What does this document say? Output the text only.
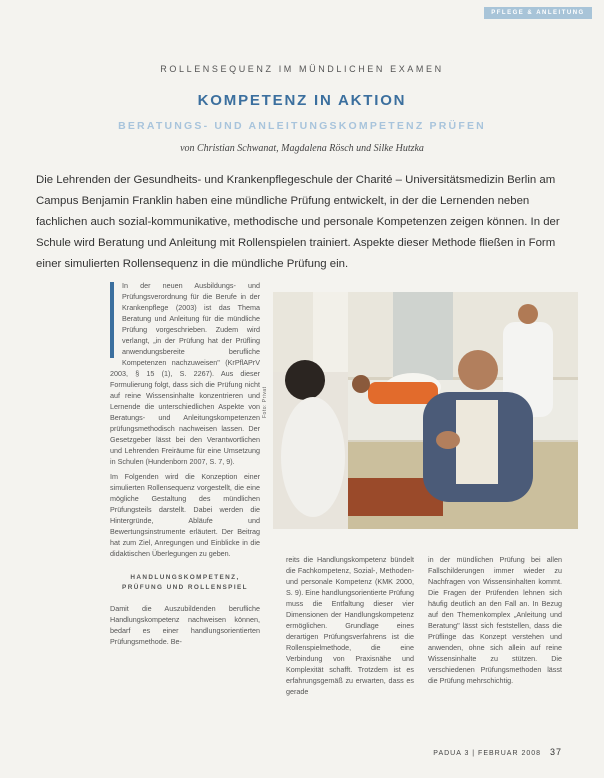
PFLEGE & ANLEITUNG
ROLLENSEQUENZ IM MÜNDLICHEN EXAMEN
KOMPETENZ IN AKTION
BERATUNGS- UND ANLEITUNGSKOMPETENZ PRÜFEN
von Christian Schwanat, Magdalena Rösch und Silke Hutzka

Die Lehrenden der Gesundheits- und Krankenpflegeschule der Charité – Universitätsmedizin Berlin am Campus Benjamin Franklin haben eine mündliche Prüfung entwickelt, in der die Lernenden neben fachlichen auch sozial-kommunikative, methodische und personale Kompetenzen zeigen können. In der Schule wird Beratung und Anleitung mit Rollenspielen trainiert. Aspekte dieser Methode fließen in Form einer simulierten Rollensequenz in die mündliche Prüfung ein.

In der neuen Ausbildungs- und Prüfungsverordnung für die Berufe in der Krankenpflege (2003) ist das Thema Beratung und Anleitung für die mündliche Prüfung vorgeschrieben. Zudem wird verlangt, „in der Prüfung hat der Prüfling anwendungsbereite berufliche Kompetenzen nachzuweisen" (KrPflAPrV 2003, § 15 (1), S. 2267). Aus dieser Formulierung folgt, dass sich die Prüfung nicht auf reine Wissensinhalte konzentrieren und Lernende die unterschiedlichen Aspekte von Beratungs- und Anleitungskompetenzen prüfungsmethodisch nachweisen lassen. Der Gesetzgeber lässt bei den Verantwortlichen und Lehrenden Freiräume für eine Umsetzung in Schulen (Hundenborn 2007, S. 7, 9).

Im Folgenden wird die Konzeption einer simulierten Rollensequenz vorgestellt, die eine mögliche Gestaltung des mündlichen Prüfungsteils darstellt. Dabei werden die Hintergründe, Abläufe und Bewertungsinstrumente erläutert. Der Beitrag hat zum Ziel, Anregungen und Einblicke in die didaktischen Überlegungen zu geben.

HANDLUNGSKOMPETENZ, PRÜFUNG UND ROLLENSPIEL

Damit die Auszubildenden berufliche Handlungskompetenz nachweisen können, bedarf es einer handlungsorientierten Prüfungsmethode. Be-

Foto: Privat
reits die Handlungskompetenz bündelt die Fachkompetenz, Sozial-, Methoden- und personale Kompetenz (KMK 2000, S. 9). Eine handlungsorientierte Prüfung muss die Entfaltung dieser vier Dimensionen der Handlungskompetenz ermöglichen. Grundlage eines derartigen Prüfungsverfahrens ist die Rollenspielmethode, die eine Verbindung von Praxisnähe und Komplexität schafft. Trotzdem ist es erfahrungsgemäß zu erwarten, dass es gerade
in der mündlichen Prüfung bei allen Fallschilderungen immer wieder zu Nachfragen von Wissensinhalten kommt. Die Fragen der Prüfenden lehnen sich häufig deutlich an den Fall an. In Bezug auf den Themenkomplex „Anleitung und Beratung" lässt sich feststellen, dass die Prüflinge das Konzept verstehen und anwenden, ohne sich allein auf reine Wissensinhalte zu stützen. Die verschiedenen Prüfungsmethoden lässt die Prüfung mehrschichtig.
PADUA 3 | FEBRUAR 2008 37
